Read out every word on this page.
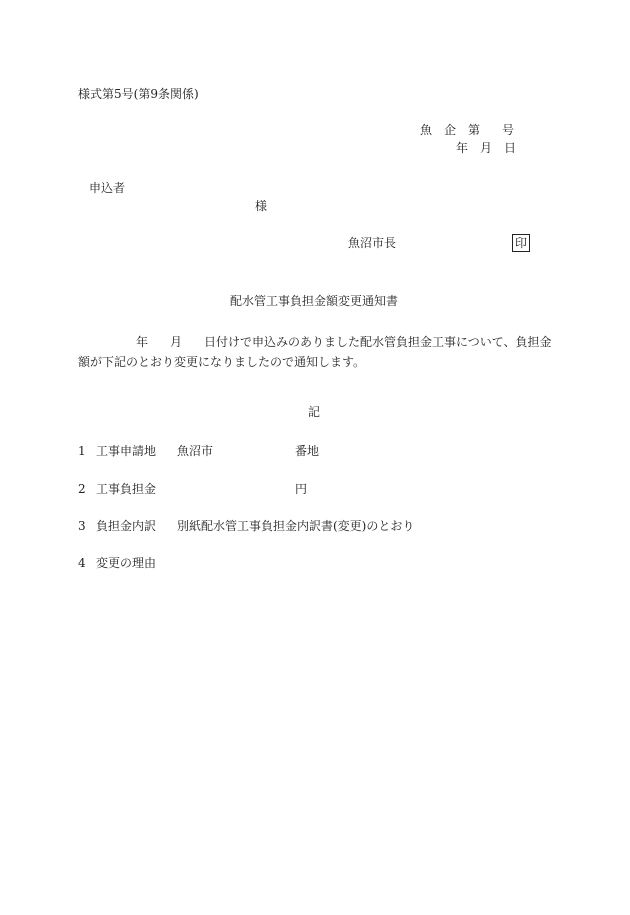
様式第5号(第9条関係)
魚 企 第 号
年 月 日
申込者
様
魚沼市長	印
配水管工事負担金額変更通知書
年 月 日付けで申込みのありました配水管負担金工事について、負担金額が下記のとおり変更になりましたので通知します。
記
1 工事申請地 魚沼市	番地
2 工事負担金	円
3 負担金内訳 別紙配水管工事負担金内訳書(変更)のとおり
4 変更の理由
